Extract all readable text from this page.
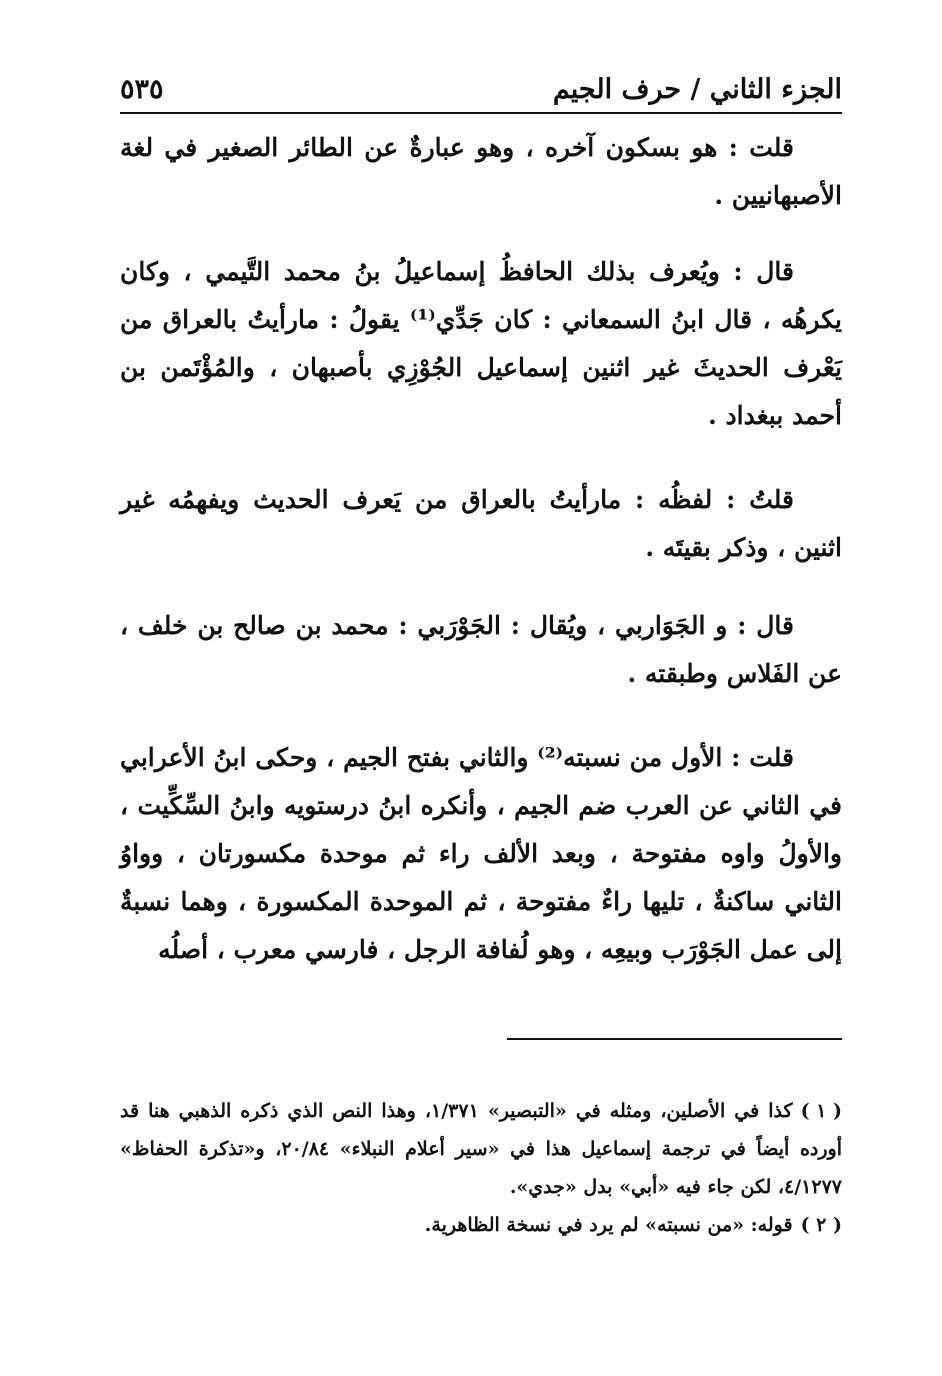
الجزء الثاني / حرف الجيم
٥٣٥

قلت : هو بسكون آخره ، وهو عبارةٌ عن الطائر الصغير في لغة الأصبهانيين .

قال : ويُعرف بذلك الحافظُ إسماعيلُ بنُ محمد التَّيمي ، وكان يكرهُه ، قال ابنُ السمعاني : كان جَدِّي⁽¹⁾ يقولُ : مارأيتُ بالعراق من يَعْرف الحديثَ غير اثنين إسماعيل الجُوْزِي بأصبهان ، والمُؤْتَمن بن أحمد ببغداد .

قلتُ : لفظُه : مارأيتُ بالعراق من يَعرف الحديث ويفهمُه غير اثنين ، وذكر بقيتَه .

قال : و الجَوَاربي ، ويُقال : الجَوْرَبي : محمد بن صالح بن خلف ، عن الفَلاس وطبقته .

قلت : الأول من نسبته⁽²⁾ والثاني بفتح الجيم ، وحكى ابنُ الأعرابي في الثاني عن العرب ضم الجيم ، وأنكره ابنُ درستويه وابنُ السِّكِّيت ، والأولُ واوه مفتوحة ، وبعد الألف راء ثم موحدة مكسورتان ، وواوُ الثاني ساكنةٌ ، تليها راءٌ مفتوحة ، ثم الموحدة المكسورة ، وهما نسبةٌ إلى عمل الجَوْرَب وبيعِه ، وهو لُفافة الرجل ، فارسي معرب ، أصلُه

( ١ )كذا في الأصلين، ومثله في «التبصير» ١/٣٧١، وهذا النص الذي ذكره الذهبي هنا قد أورده أيضاً في ترجمة إسماعيل هذا في «سير أعلام النبلاء» ٢٠/٨٤، و«تذكرة الحفاظ» ٤/١٢٧٧، لكن جاء فيه «أبي» بدل «جدي».

( ٢ )قوله: «من نسبته» لم يرد في نسخة الظاهرية.
